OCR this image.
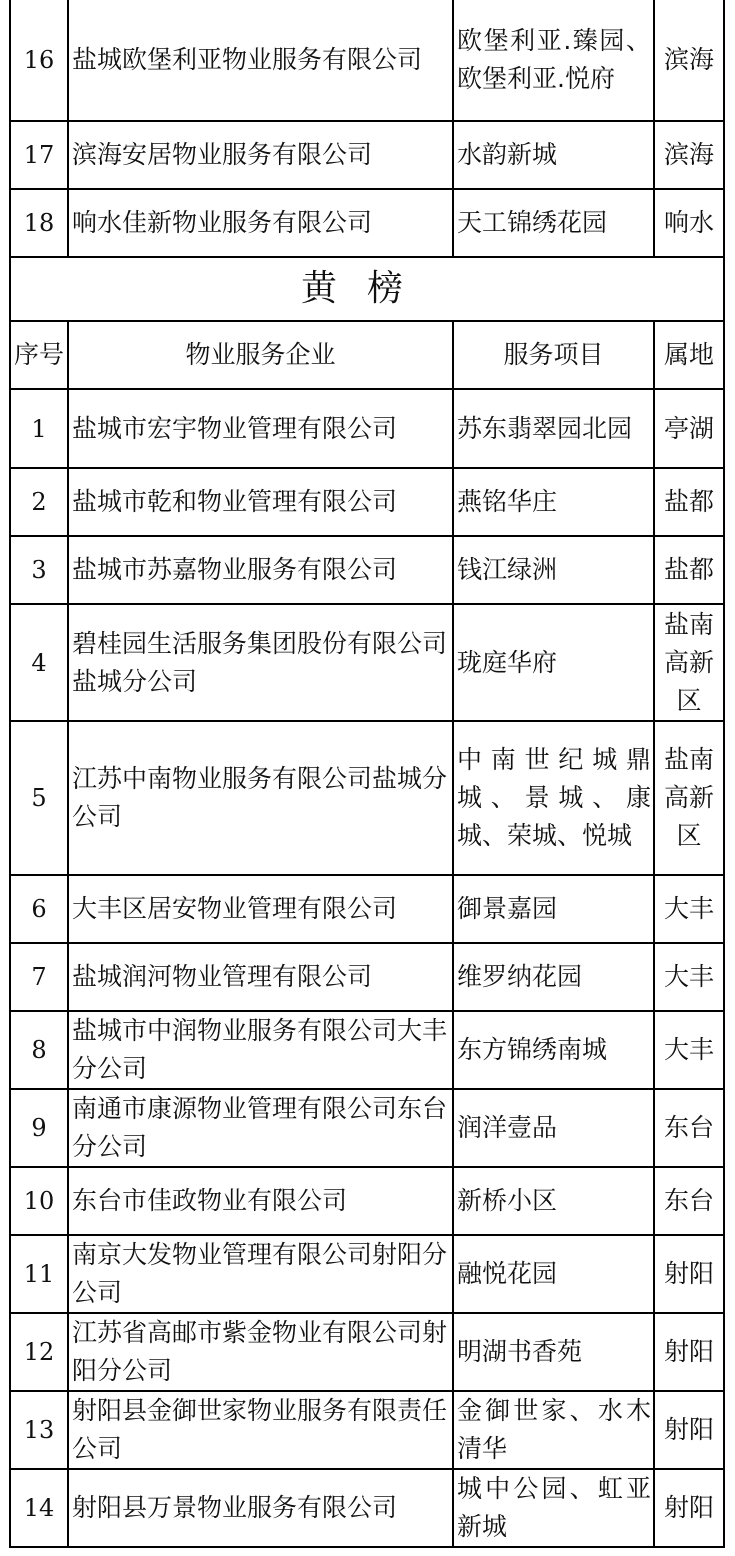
16	盐城欧堡利亚物业服务有限公司	欧堡利亚.臻园、欧堡利亚.悦府	滨海
17	滨海安居物业服务有限公司	水韵新城	滨海
18	响水佳新物业服务有限公司	天工锦绣花园	响水
黄榜			
序号	物业服务企业	服务项目	属地
1	盐城市宏宇物业管理有限公司	苏东翡翠园北园	亭湖
2	盐城市乾和物业管理有限公司	燕铭华庄	盐都
3	盐城市苏嘉物业服务有限公司	钱江绿洲	盐都
4	碧桂园生活服务集团股份有限公司盐城分公司	珑庭华府	盐南高新区
5	江苏中南物业服务有限公司盐城分公司	中南世纪城鼎城、景城、康城、荣城、悦城	盐南高新区
6	大丰区居安物业管理有限公司	御景嘉园	大丰
7	盐城润河物业管理有限公司	维罗纳花园	大丰
8	盐城市中润物业服务有限公司大丰分公司	东方锦绣南城	大丰
9	南通市康源物业管理有限公司东台分公司	润洋壹品	东台
10	东台市佳政物业有限公司	新桥小区	东台
11	南京大发物业管理有限公司射阳分公司	融悦花园	射阳
12	江苏省高邮市紫金物业有限公司射阳分公司	明湖书香苑	射阳
13	射阳县金御世家物业服务有限责任公司	金御世家、水木清华	射阳
14	射阳县万景物业服务有限公司	城中公园、虹亚新城	射阳
